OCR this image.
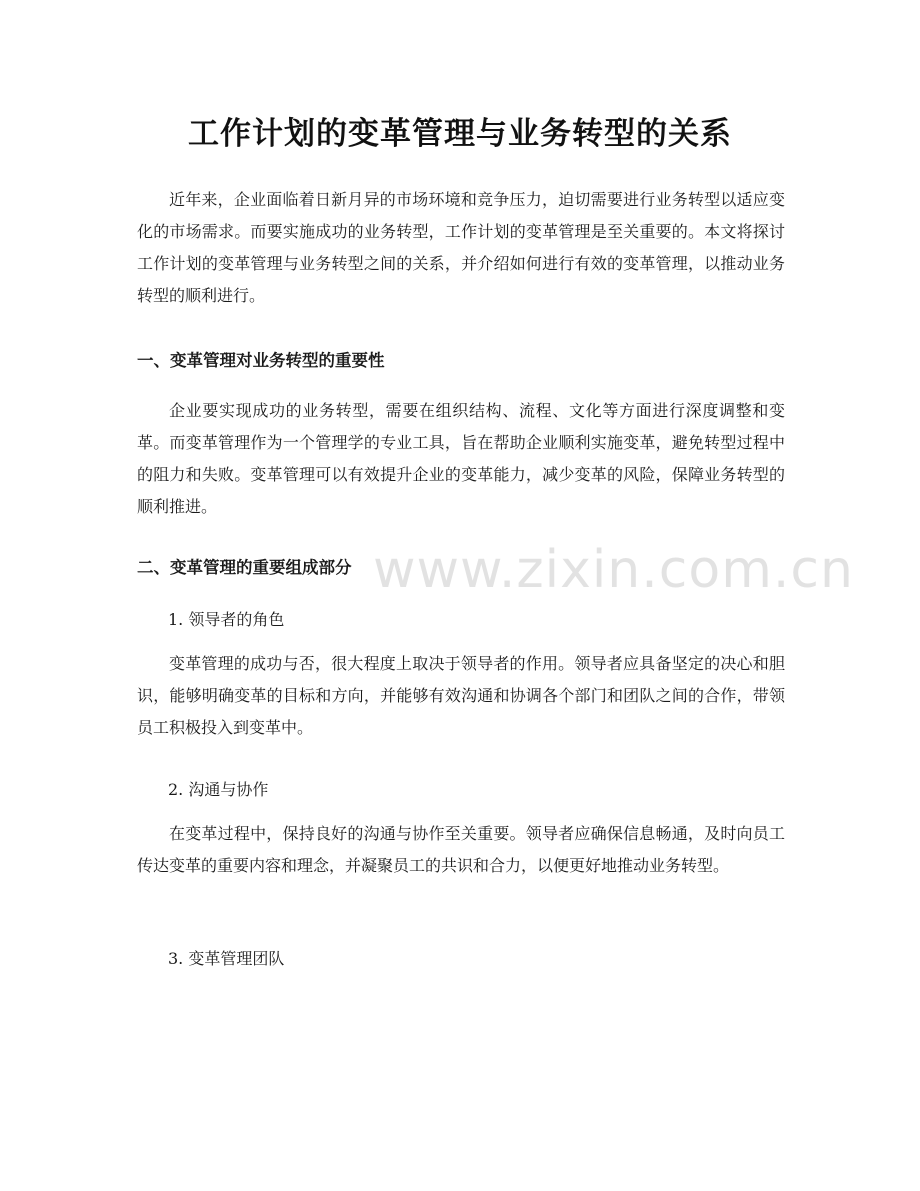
工作计划的变革管理与业务转型的关系

近年来，企业面临着日新月异的市场环境和竞争压力，迫切需要进行业务转型以适应变化的市场需求。而要实施成功的业务转型，工作计划的变革管理是至关重要的。本文将探讨工作计划的变革管理与业务转型之间的关系，并介绍如何进行有效的变革管理，以推动业务转型的顺利进行。

一、变革管理对业务转型的重要性

企业要实现成功的业务转型，需要在组织结构、流程、文化等方面进行深度调整和变革。而变革管理作为一个管理学的专业工具，旨在帮助企业顺利实施变革，避免转型过程中的阻力和失败。变革管理可以有效提升企业的变革能力，减少变革的风险，保障业务转型的顺利推进。

二、变革管理的重要组成部分

1. 领导者的角色

变革管理的成功与否，很大程度上取决于领导者的作用。领导者应具备坚定的决心和胆识，能够明确变革的目标和方向，并能够有效沟通和协调各个部门和团队之间的合作，带领员工积极投入到变革中。

2. 沟通与协作

在变革过程中，保持良好的沟通与协作至关重要。领导者应确保信息畅通，及时向员工传达变革的重要内容和理念，并凝聚员工的共识和合力，以便更好地推动业务转型。

3. 变革管理团队

www.zixin.com.cn
